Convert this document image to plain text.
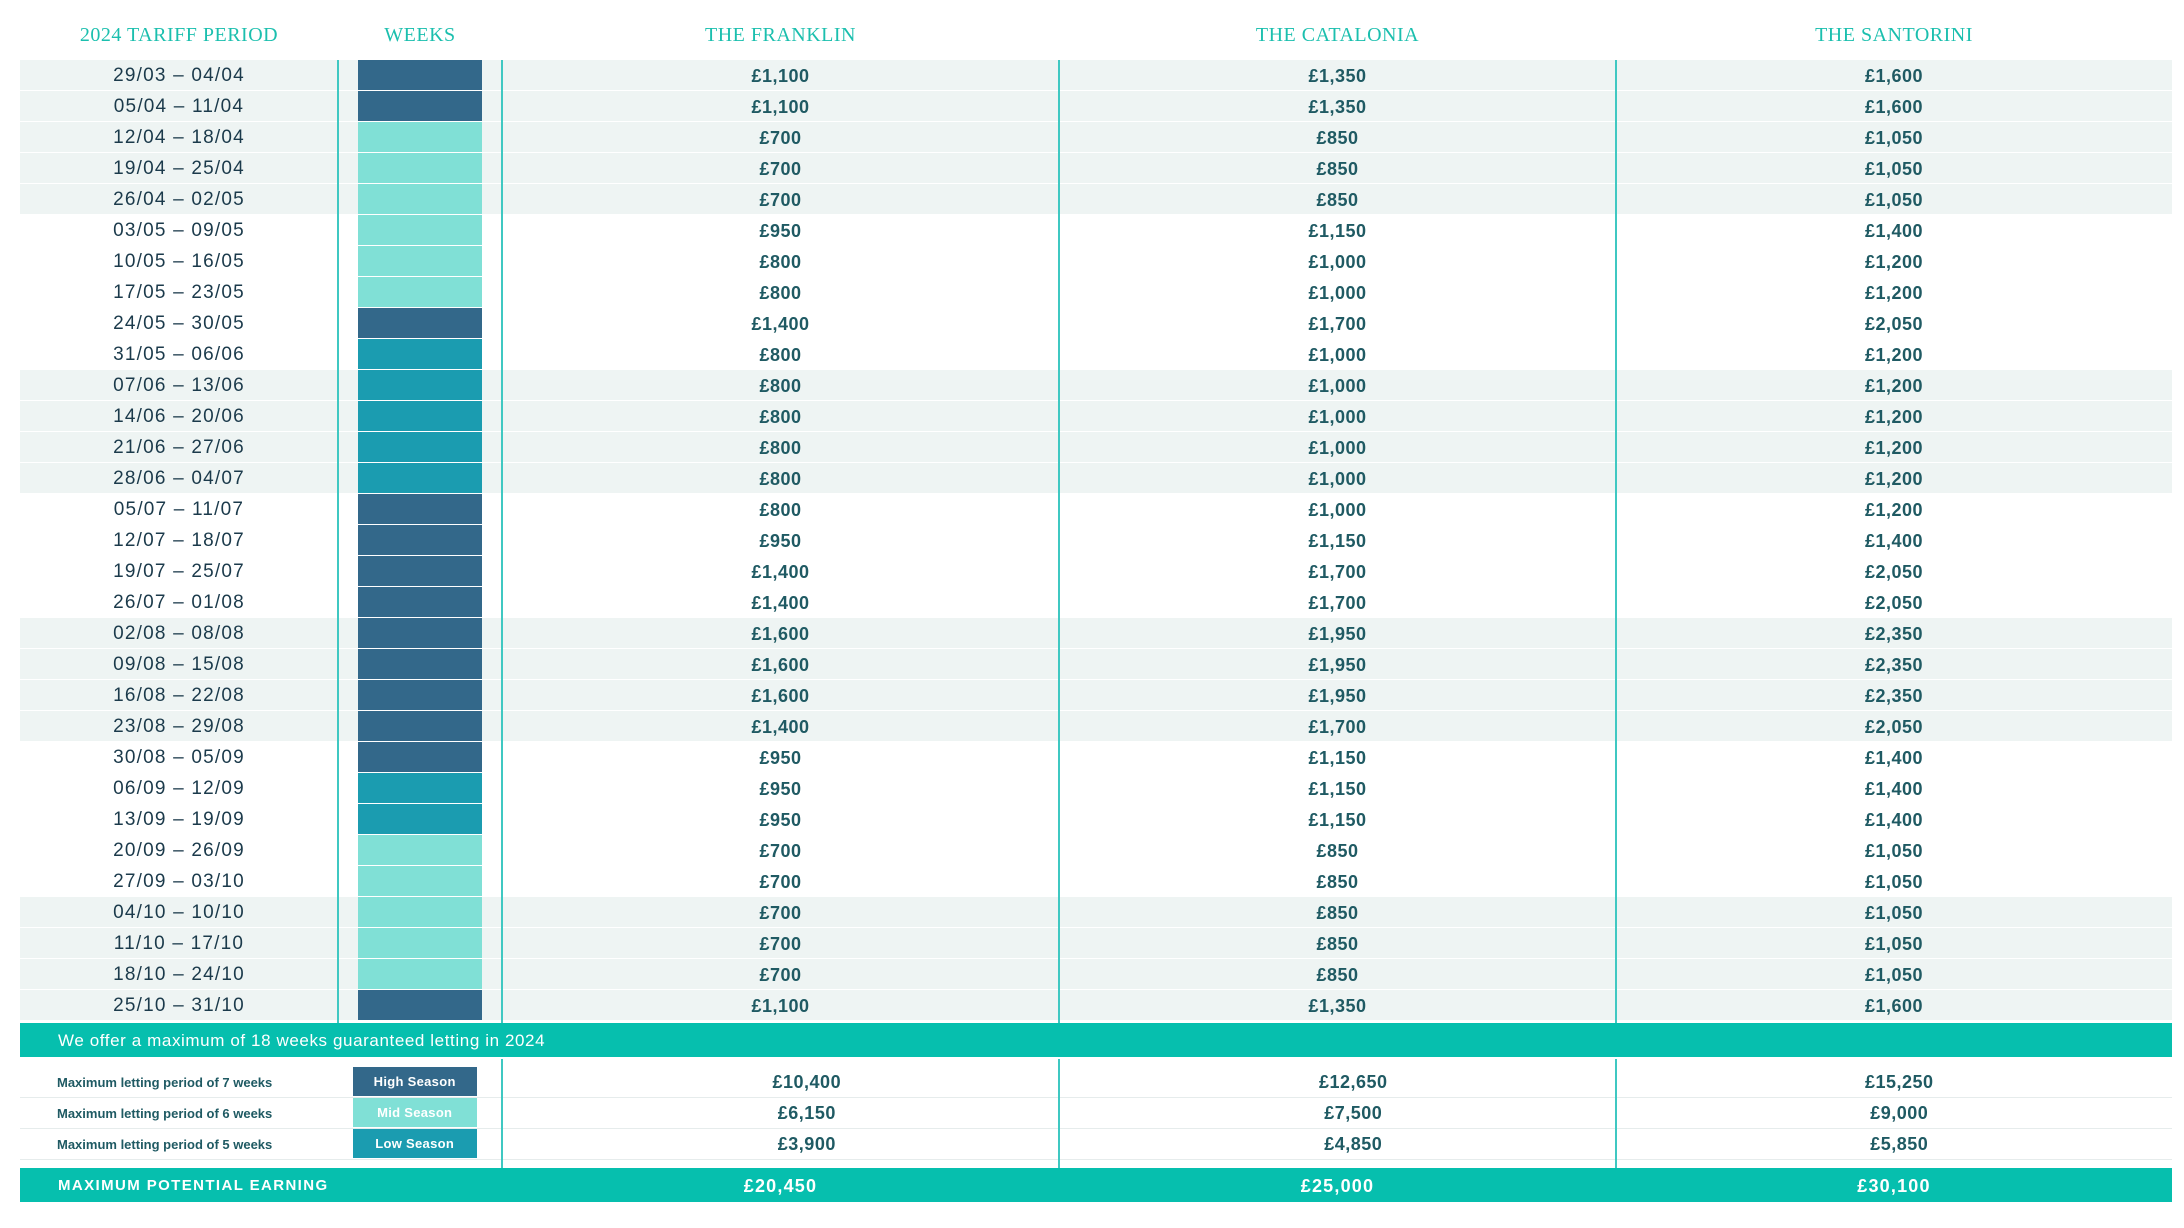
2024 TARIFF PERIOD	WEEKS	THE FRANKLIN	THE CATALONIA	THE SANTORINI
29/03 – 04/04	£1,100	£1,350	£1,600
05/04 – 11/04	£1,100	£1,350	£1,600
12/04 – 18/04	£700	£850	£1,050
19/04 – 25/04	£700	£850	£1,050
26/04 – 02/05	£700	£850	£1,050
03/05 – 09/05	£950	£1,150	£1,400
10/05 – 16/05	£800	£1,000	£1,200
17/05 – 23/05	£800	£1,000	£1,200
24/05 – 30/05	£1,400	£1,700	£2,050
31/05 – 06/06	£800	£1,000	£1,200
07/06 – 13/06	£800	£1,000	£1,200
14/06 – 20/06	£800	£1,000	£1,200
21/06 – 27/06	£800	£1,000	£1,200
28/06 – 04/07	£800	£1,000	£1,200
05/07 – 11/07	£800	£1,000	£1,200
12/07 – 18/07	£950	£1,150	£1,400
19/07 – 25/07	£1,400	£1,700	£2,050
26/07 – 01/08	£1,400	£1,700	£2,050
02/08 – 08/08	£1,600	£1,950	£2,350
09/08 – 15/08	£1,600	£1,950	£2,350
16/08 – 22/08	£1,600	£1,950	£2,350
23/08 – 29/08	£1,400	£1,700	£2,050
30/08 – 05/09	£950	£1,150	£1,400
06/09 – 12/09	£950	£1,150	£1,400
13/09 – 19/09	£950	£1,150	£1,400
20/09 – 26/09	£700	£850	£1,050
27/09 – 03/10	£700	£850	£1,050
04/10 – 10/10	£700	£850	£1,050
11/10 – 17/10	£700	£850	£1,050
18/10 – 24/10	£700	£850	£1,050
25/10 – 31/10	£1,100	£1,350	£1,600
We offer a maximum of 18 weeks guaranteed letting in 2024
Maximum letting period of 7 weeks	High Season	£10,400	£12,650	£15,250
Maximum letting period of 6 weeks	Mid Season	£6,150	£7,500	£9,000
Maximum letting period of 5 weeks	Low Season	£3,900	£4,850	£5,850
MAXIMUM POTENTIAL EARNING	£20,450	£25,000	£30,100
